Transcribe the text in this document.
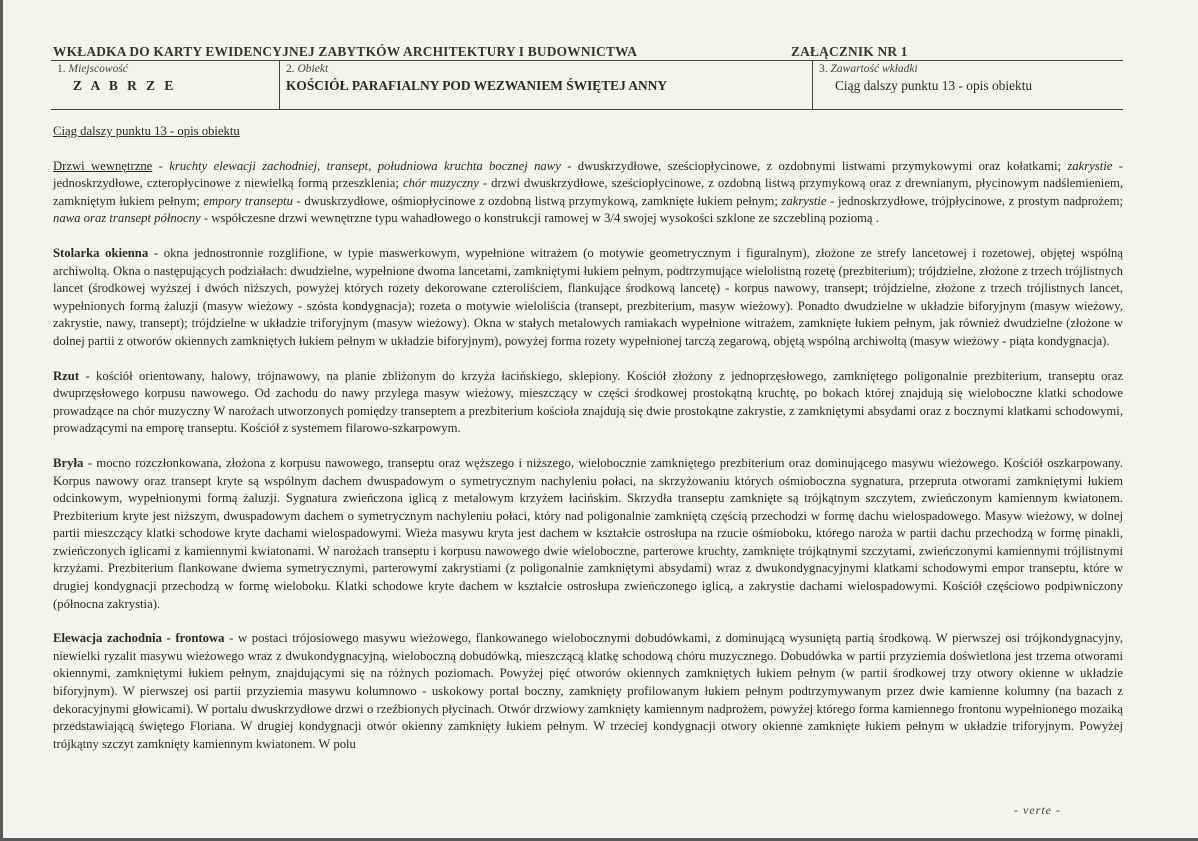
WKŁADKA DO KARTY EWIDENCYJNEJ ZABYTKÓW ARCHITEKTURY I BUDOWNICTWA	ZAŁĄCZNIK NR 1
1. Miejscowość
Z A B R Z E
2. Obiekt
KOŚCIÓŁ PARAFIALNY POD WEZWANIEM ŚWIĘTEJ ANNY
3. Zawartość wkładki
Ciąg dalszy punktu 13 - opis obiektu

Ciąg dalszy punktu 13 - opis obiektu

Drzwi wewnętrzne - kruchty elewacji zachodniej, transept, południowa kruchta bocznej nawy - dwuskrzydłowe, sześciopłycinowe, z ozdobnymi listwami przymykowymi oraz kołatkami; zakrystie - jednoskrzydłowe, czteropłycinowe z niewielką formą przeszklenia; chór muzyczny - drzwi dwuskrzydłowe, sześciopłycinowe, z ozdobną listwą przymykową oraz z drewnianym, płycinowym nadślemieniem, zamkniętym łukiem pełnym; empory transeptu - dwuskrzydłowe, ośmiopłycinowe z ozdobną listwą przymykową, zamknięte łukiem pełnym; zakrystie - jednoskrzydłowe, trójpłycinowe, z prostym nadprożem; nawa oraz transept północny - współczesne drzwi wewnętrzne typu wahadłowego o konstrukcji ramowej w 3/4 swojej wysokości szklone ze szczebliną poziomą .

Stolarka okienna - okna jednostronnie rozglifione, w typie maswerkowym, wypełnione witrażem (o motywie geometrycznym i figuralnym), złożone ze strefy lancetowej i rozetowej, objętej wspólną archiwoltą. Okna o następujących podziałach: dwudzielne, wypełnione dwoma lancetami, zamkniętymi łukiem pełnym, podtrzymujące wielolistną rozetę (prezbiterium); trójdzielne, złożone z trzech trójlistnych lancet (środkowej wyższej i dwóch niższych, powyżej których rozety dekorowane czteroliściem, flankujące środkową lancetę) - korpus nawowy, transept; trójdzielne, złożone z trzech trójlistnych lancet, wypełnionych formą żaluzji (masyw wieżowy - szósta kondygnacja); rozeta o motywie wieloliścia (transept, prezbiterium, masyw wieżowy). Ponadto dwudzielne w układzie biforyjnym (masyw wieżowy, zakrystie, nawy, transept); trójdzielne w układzie triforyjnym (masyw wieżowy). Okna w stałych metalowych ramiakach wypełnione witrażem, zamknięte łukiem pełnym, jak również dwudzielne (złożone w dolnej partii z otworów okiennych zamkniętych łukiem pełnym w układzie biforyjnym), powyżej forma rozety wypełnionej tarczą zegarową, objętą wspólną archiwoltą (masyw wieżowy - piąta kondygnacja).

Rzut - kościół orientowany, halowy, trójnawowy, na planie zbliżonym do krzyża łacińskiego, sklepiony. Kościół złożony z jednoprzęsłowego, zamkniętego poligonalnie prezbiterium, transeptu oraz dwuprzęsłowego korpusu nawowego. Od zachodu do nawy przylega masyw wieżowy, mieszczący w części środkowej prostokątną kruchtę, po bokach której znajdują się wieloboczne klatki schodowe prowadzące na chór muzyczny W narożach utworzonych pomiędzy transeptem a prezbiterium kościoła znajdują się dwie prostokątne zakrystie, z zamkniętymi absydami oraz z bocznymi klatkami schodowymi, prowadzącymi na emporę transeptu. Kościół z systemem filarowo-szkarpowym.

Bryła - mocno rozczłonkowana, złożona z korpusu nawowego, transeptu oraz węższego i niższego, wielobocznie zamkniętego prezbiterium oraz dominującego masywu wieżowego. Kościół oszkarpowany. Korpus nawowy oraz transept kryte są wspólnym dachem dwuspadowym o symetrycznym nachyleniu połaci, na skrzyżowaniu których ośmioboczna sygnatura, przeprutа otworami zamkniętymi łukiem odcinkowym, wypełnionymi formą żaluzji. Sygnatura zwieńczona iglicą z metalowym krzyżem łacińskim. Skrzydła transeptu zamknięte są trójkątnym szczytem, zwieńczonym kamiennym kwiatonem. Prezbiterium kryte jest niższym, dwuspadowym dachem o symetrycznym nachyleniu połaci, który nad poligonalnie zamkniętą częścią przechodzi w formę dachu wielospadowego. Masyw wieżowy, w dolnej partii mieszczący klatki schodowe kryte dachami wielospadowymi. Wieża masywu kryta jest dachem w kształcie ostrosłupa na rzucie ośmioboku, którego naroża w partii dachu przechodzą w formę pinakli, zwieńczonych iglicami z kamiennymi kwiatonami. W narożach transeptu i korpusu nawowego dwie wieloboczne, parterowe kruchty, zamknięte trójkątnymi szczytami, zwieńczonymi kamiennymi trójlistnymi krzyżami. Prezbiterium flankowane dwiema symetrycznymi, parterowymi zakrystiami (z poligonalnie zamkniętymi absydami) wraz z dwukondygnacyjnymi klatkami schodowymi empor transeptu, które w drugiej kondygnacji przechodzą w formę wieloboku. Klatki schodowe kryte dachem w kształcie ostrosłupa zwieńczonego iglicą, a zakrystie dachami wielospadowymi. Kościół częściowo podpiwniczony (północna zakrystia).

Elewacja zachodnia - frontowa - w postaci trójosiowego masywu wieżowego, flankowanego wielobocznymi dobudówkami, z dominującą wysuniętą partią środkową. W pierwszej osi trójkondygnacyjny, niewielki ryzalit masywu wieżowego wraz z dwukondygnacyjną, wieloboczną dobudówką, mieszczącą klatkę schodową chóru muzycznego. Dobudówka w partii przyziemia doświetlona jest trzema otworami okiennymi, zamkniętymi łukiem pełnym, znajdującymi się na różnych poziomach. Powyżej pięć otworów okiennych zamkniętych łukiem pełnym (w partii środkowej trzy otwory okienne w układzie biforyjnym). W pierwszej osi partii przyziemia masywu kolumnowo - uskokowy portal boczny, zamknięty profilowanym łukiem pełnym podtrzymywanym przez dwie kamienne kolumny (na bazach z dekoracyjnymi głowicami). W portalu dwuskrzydłowe drzwi o rzeźbionych płycinach. Otwór drzwiowy zamknięty kamiennym nadprożem, powyżej którego forma kamiennego frontonu wypełnionego mozaiką przedstawiającą świętego Floriana. W drugiej kondygnacji otwór okienny zamknięty łukiem pełnym. W trzeciej kondygnacji otwory okienne zamknięte łukiem pełnym w układzie triforyjnym. Powyżej trójkątny szczyt zamknięty kamiennym kwiatonem. W polu

- verte -
